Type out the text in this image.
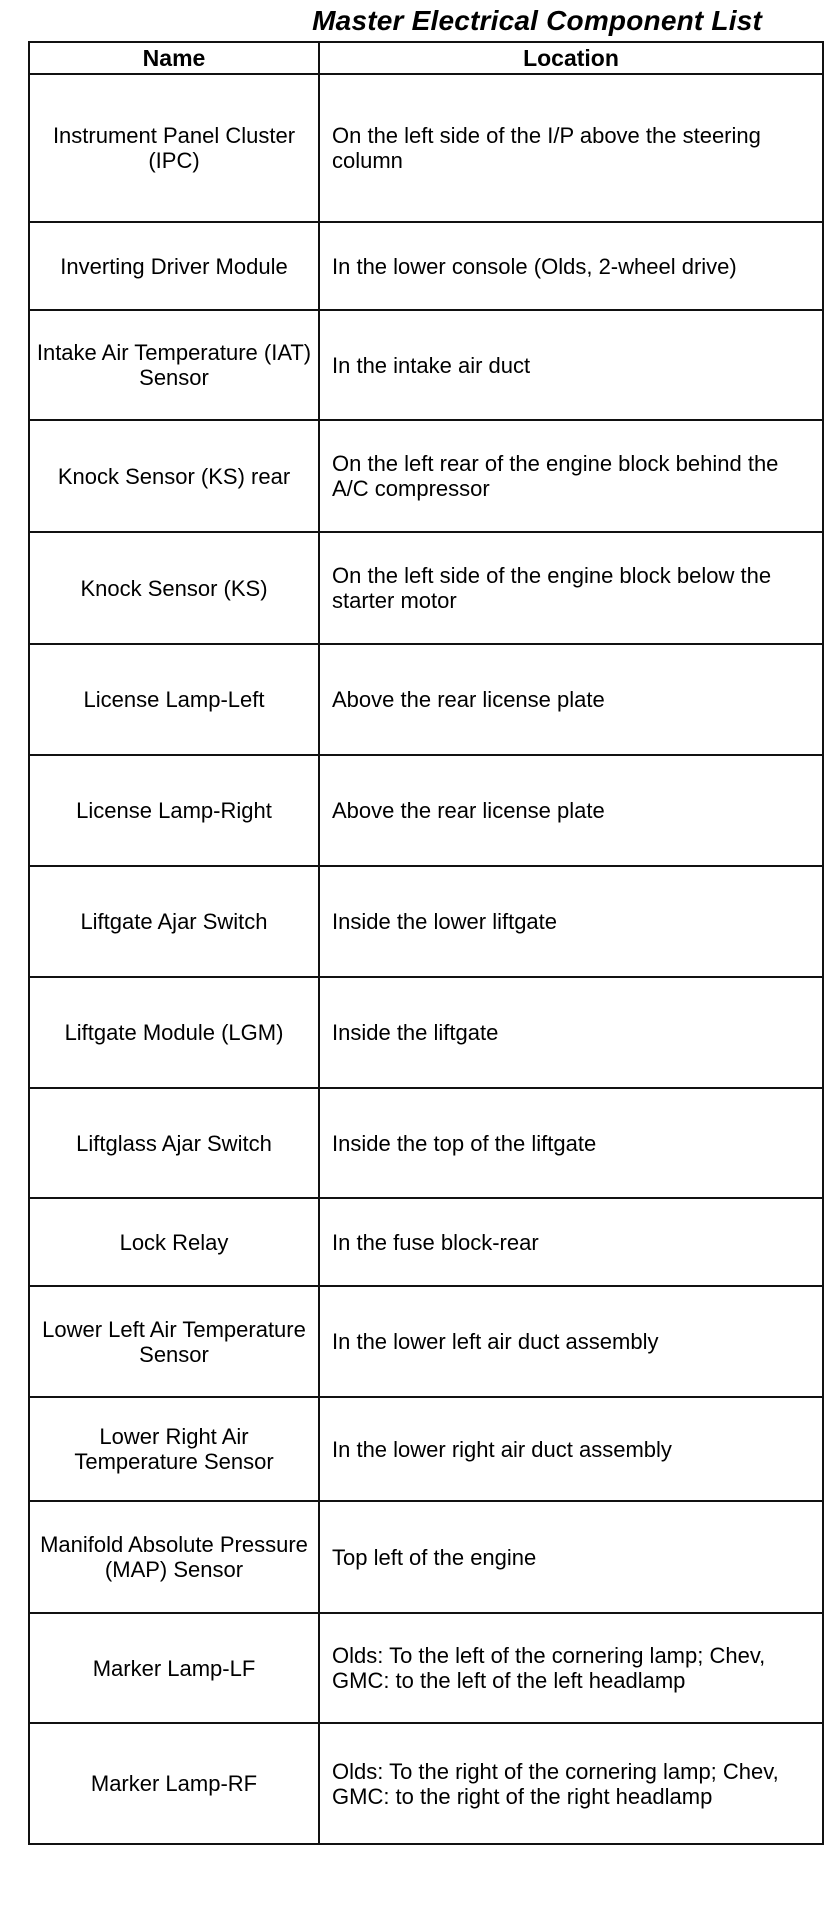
Master Electrical Component List
Name	Location
Instrument Panel Cluster (IPC)	On the left side of the I/P above the steering column
Inverting Driver Module	In the lower console (Olds, 2-wheel drive)
Intake Air Temperature (IAT) Sensor	In the intake air duct
Knock Sensor (KS) rear	On the left rear of the engine block behind the A/C compressor
Knock Sensor (KS)	On the left side of the engine block below the starter motor
License Lamp-Left	Above the rear license plate
License Lamp-Right	Above the rear license plate
Liftgate Ajar Switch	Inside the lower liftgate
Liftgate Module (LGM)	Inside the liftgate
Liftglass Ajar Switch	Inside the top of the liftgate
Lock Relay	In the fuse block-rear
Lower Left Air Temperature Sensor	In the lower left air duct assembly
Lower Right Air Temperature Sensor	In the lower right air duct assembly
Manifold Absolute Pressure (MAP) Sensor	Top left of the engine
Marker Lamp-LF	Olds: To the left of the cornering lamp; Chev, GMC: to the left of the left headlamp
Marker Lamp-RF	Olds: To the right of the cornering lamp; Chev, GMC: to the right of the right headlamp
